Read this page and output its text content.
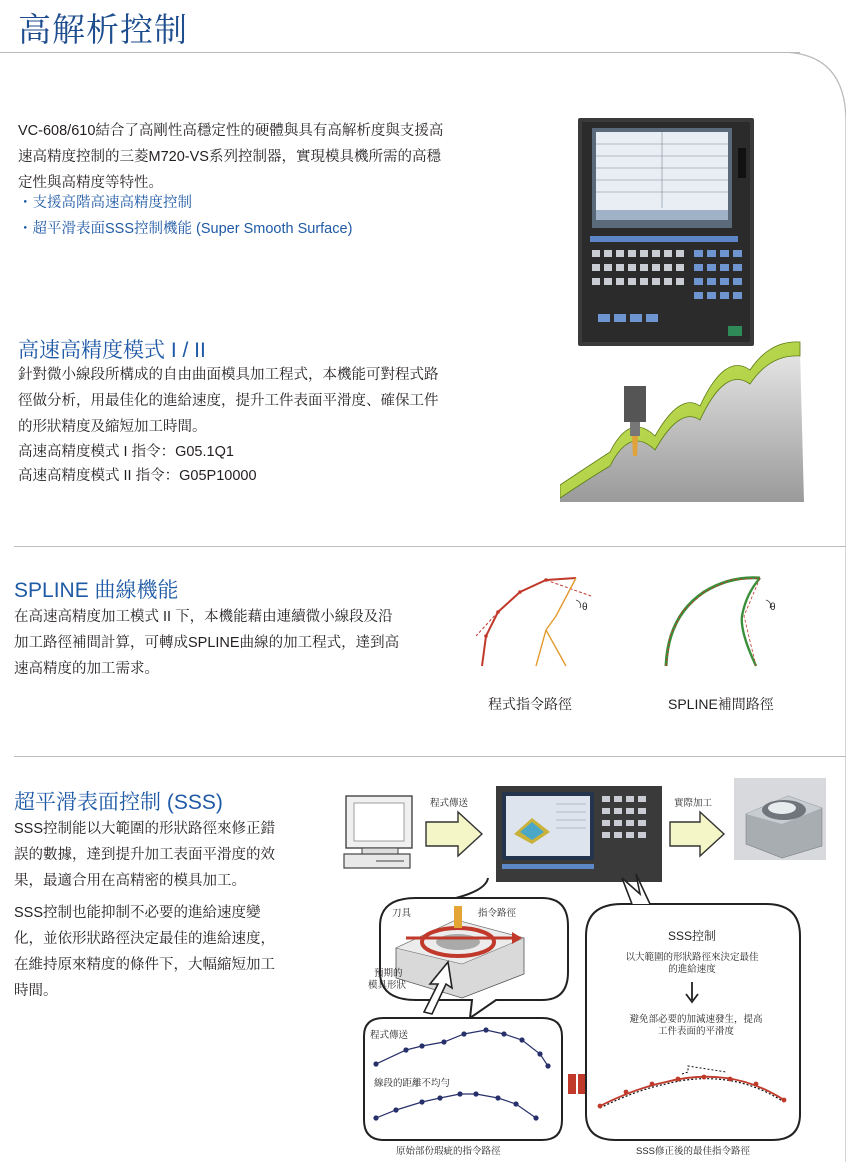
高解析控制
VC-608/610結合了高剛性高穩定性的硬體與具有高解析度與支援高
速高精度控制的三菱M720-VS系列控制器，實現模具機所需的高穩
定性與高精度等特性。
・支援高階高速高精度控制
・超平滑表面SSS控制機能 (Super Smooth Surface)
高速高精度模式 I / II
針對微小線段所構成的自由曲面模具加工程式，本機能可對程式路
徑做分析，用最佳化的進給速度，提升工件表面平滑度、確保工件
的形狀精度及縮短加工時間。
高速高精度模式 I 指令：G05.1Q1
高速高精度模式 II 指令：G05P10000
SPLINE 曲線機能
在高速高精度加工模式 II 下，本機能藉由連續微小線段及沿
加工路徑補間計算，可轉成SPLINE曲線的加工程式，達到高
速高精度的加工需求。
θ
程式指令路徑
θ
SPLINE補間路徑
超平滑表面控制 (SSS)
SSS控制能以大範圍的形狀路徑來修正錯
誤的數據，達到提升加工表面平滑度的效
果，最適合用在高精密的模具加工。
SSS控制也能抑制不必要的進給速度變
化，並依形狀路徑決定最佳的進給速度，
在維持原來精度的條件下，大幅縮短加工
時間。
程式傳送	實際加工
刀具	指令路徑
預期的
模具形狀
程式傳送
線段的距離不均勻
原始部份瑕疵的指令路徑
SSS控制
以大範圍的形狀路徑來決定最佳
的進給速度
避免部必要的加減速發生，提高
工件表面的平滑度
SSS修正後的最佳指令路徑
